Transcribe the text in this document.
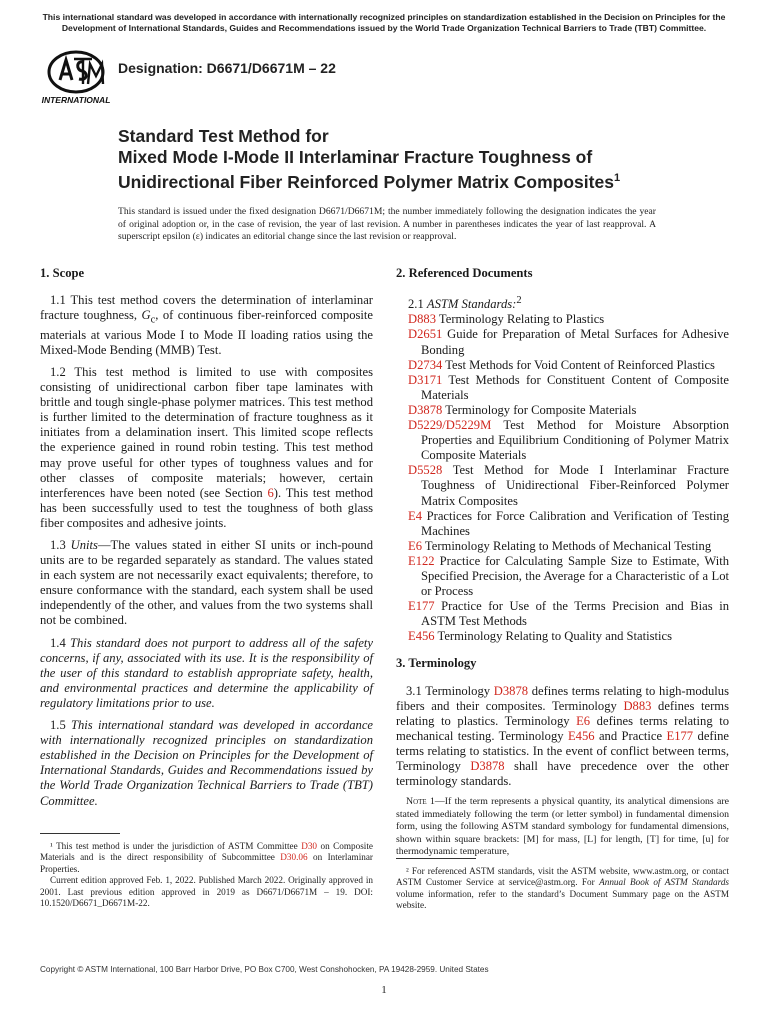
This international standard was developed in accordance with internationally recognized principles on standardization established in the Decision on Principles for the Development of International Standards, Guides and Recommendations issued by the World Trade Organization Technical Barriers to Trade (TBT) Committee.
INTERNATIONAL
Designation: D6671/D6671M – 22
Standard Test Method for
Mixed Mode I-Mode II Interlaminar Fracture Toughness of
Unidirectional Fiber Reinforced Polymer Matrix Composites$^1$
This standard is issued under the fixed designation D6671/D6671M; the number immediately following the designation indicates the year of original adoption or, in the case of revision, the year of last revision. A number in parentheses indicates the year of last reapproval. A superscript epsilon (ε) indicates an editorial change since the last revision or reapproval.
1. Scope

1.1 This test method covers the determination of interlaminar fracture toughness, $G_c$, of continuous fiber-reinforced composite materials at various Mode I to Mode II loading ratios using the Mixed-Mode Bending (MMB) Test.

1.2 This test method is limited to use with composites consisting of unidirectional carbon fiber tape laminates with brittle and tough single-phase polymer matrices. This test method is further limited to the determination of fracture toughness as it initiates from a delamination insert. This limited scope reflects the experience gained in round robin testing. This test method may prove useful for other types of toughness values and for other classes of composite materials; however, certain interferences have been noted (see Section 6). This test method has been successfully used to test the toughness of both glass fiber composites and adhesive joints.

1.3 Units—The values stated in either SI units or inch-pound units are to be regarded separately as standard. The values stated in each system are not necessarily exact equivalents; therefore, to ensure conformance with the standard, each system shall be used independently of the other, and values from the two systems shall not be combined.

1.4 This standard does not purport to address all of the safety concerns, if any, associated with its use. It is the responsibility of the user of this standard to establish appropriate safety, health, and environmental practices and determine the applicability of regulatory limitations prior to use.

1.5 This international standard was developed in accordance with internationally recognized principles on standardization established in the Decision on Principles for the Development of International Standards, Guides and Recommendations issued by the World Trade Organization Technical Barriers to Trade (TBT) Committee.

¹ This test method is under the jurisdiction of ASTM Committee D30 on Composite Materials and is the direct responsibility of Subcommittee D30.06 on Interlaminar Properties.

Current edition approved Feb. 1, 2022. Published March 2022. Originally approved in 2001. Last previous edition approved in 2019 as D6671/D6671M – 19. DOI: 10.1520/D6671_D6671M-22.

2. Referenced Documents
2.1 ASTM Standards:$^2$
D883 Terminology Relating to Plastics
D2651 Guide for Preparation of Metal Surfaces for Adhesive Bonding
D2734 Test Methods for Void Content of Reinforced Plastics
D3171 Test Methods for Constituent Content of Composite Materials
D3878 Terminology for Composite Materials
D5229/D5229M Test Method for Moisture Absorption Properties and Equilibrium Conditioning of Polymer Matrix Composite Materials
D5528 Test Method for Mode I Interlaminar Fracture Toughness of Unidirectional Fiber-Reinforced Polymer Matrix Composites
E4 Practices for Force Calibration and Verification of Testing Machines
E6 Terminology Relating to Methods of Mechanical Testing
E122 Practice for Calculating Sample Size to Estimate, With Specified Precision, the Average for a Characteristic of a Lot or Process
E177 Practice for Use of the Terms Precision and Bias in ASTM Test Methods
E456 Terminology Relating to Quality and Statistics
3. Terminology

3.1 Terminology D3878 defines terms relating to high-modulus fibers and their composites. Terminology D883 defines terms relating to plastics. Terminology E6 defines terms relating to mechanical testing. Terminology E456 and Practice E177 define terms relating to statistics. In the event of conflict between terms, Terminology D3878 shall have precedence over the other terminology standards.

Note 1—If the term represents a physical quantity, its analytical dimensions are stated immediately following the term (or letter symbol) in fundamental dimension form, using the following ASTM standard symbology for fundamental dimensions, shown within square brackets: [M] for mass, [L] for length, [T] for time, [u] for thermodynamic temperature,

² For referenced ASTM standards, visit the ASTM website, www.astm.org, or contact ASTM Customer Service at service@astm.org. For Annual Book of ASTM Standards volume information, refer to the standard’s Document Summary page on the ASTM website.

Copyright © ASTM International, 100 Barr Harbor Drive, PO Box C700, West Conshohocken, PA 19428-2959. United States
1
